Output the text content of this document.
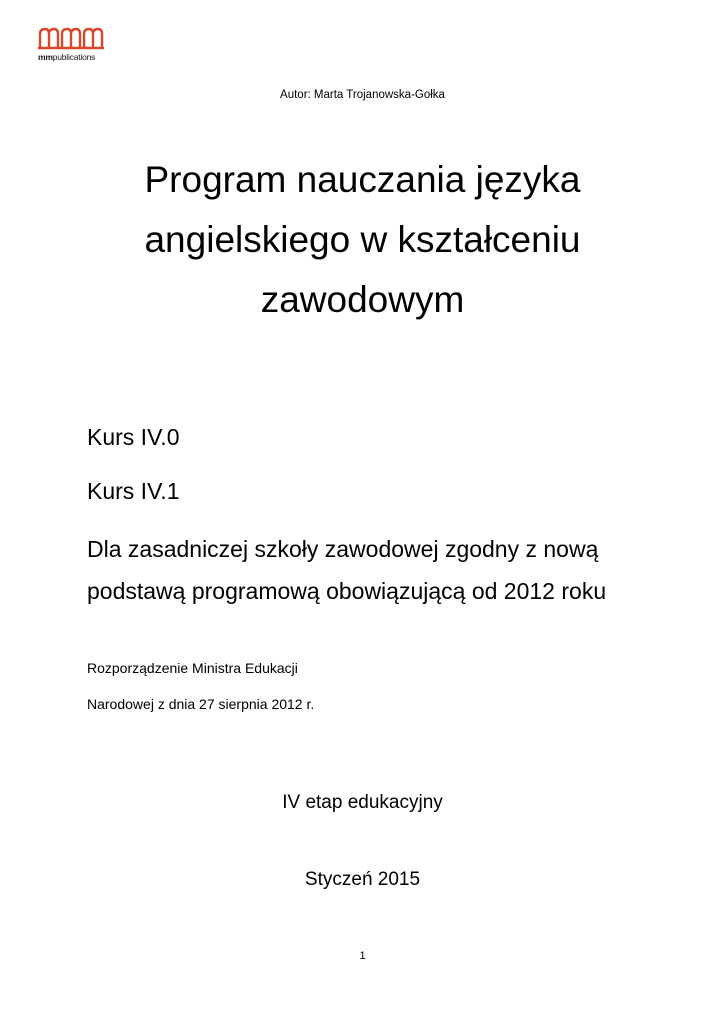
mmpublications
Autor: Marta Trojanowska-Gołka
Program nauczania języka
angielskiego w kształceniu
zawodowym

Kurs IV.0

Kurs IV.1

Dla zasadniczej szkoły zawodowej zgodny z nową podstawą programową obowiązującą od 2012 roku

Rozporządzenie Ministra Edukacji

Narodowej z dnia 27 sierpnia 2012 r.

IV etap edukacyjny

Styczeń 2015

1
